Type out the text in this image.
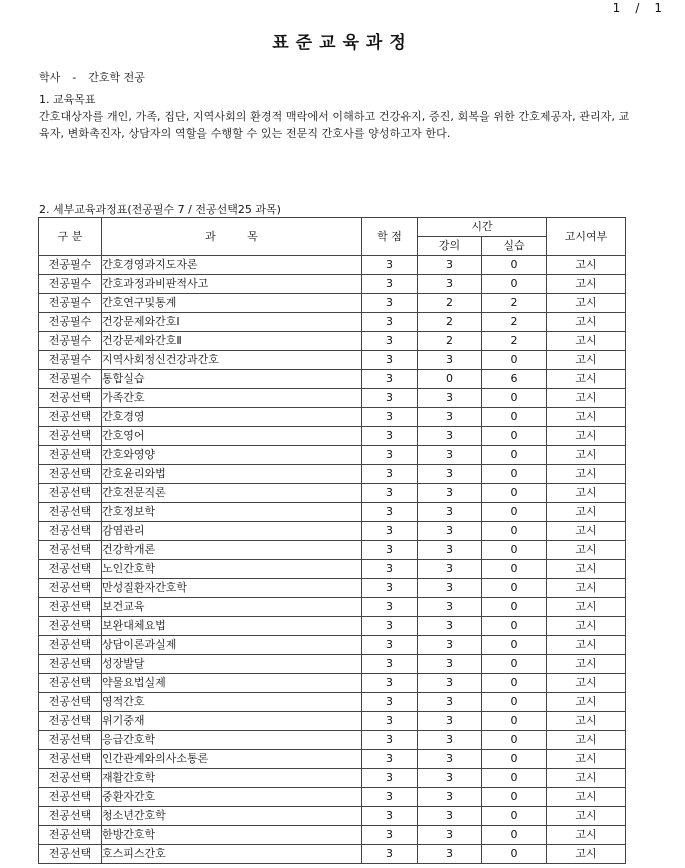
1 / 1
표준교육과정
학사 - 간호학 전공
1. 교육목표
간호대상자를 개인, 가족, 집단, 지역사회의 환경적 맥락에서 이해하고 건강유지, 증진, 회복을 위한 간호제공자, 관리자, 교육자, 변화촉진자, 상담자의 역할을 수행할 수 있는 전문직 간호사를 양성하고자 한다.
2. 세부교육과정표(전공필수 7 / 전공선택25 과목)
구 분	과         목	학 점	시간		고시여부
			강의	실습	
전공필수	간호경영과지도자론	3	3	0	고시
전공필수	간호과정과비판적사고	3	3	0	고시
전공필수	간호연구및통계	3	2	2	고시
전공필수	건강문제와간호Ⅰ	3	2	2	고시
전공필수	건강문제와간호Ⅱ	3	2	2	고시
전공필수	지역사회정신건강과간호	3	3	0	고시
전공필수	통합실습	3	0	6	고시
전공선택	가족간호	3	3	0	고시
전공선택	간호경영	3	3	0	고시
전공선택	간호영어	3	3	0	고시
전공선택	간호와영양	3	3	0	고시
전공선택	간호윤리와법	3	3	0	고시
전공선택	간호전문직론	3	3	0	고시
전공선택	간호정보학	3	3	0	고시
전공선택	감염관리	3	3	0	고시
전공선택	건강학개론	3	3	0	고시
전공선택	노인간호학	3	3	0	고시
전공선택	만성질환자간호학	3	3	0	고시
전공선택	보건교육	3	3	0	고시
전공선택	보완대체요법	3	3	0	고시
전공선택	상담이론과실제	3	3	0	고시
전공선택	성장발달	3	3	0	고시
전공선택	약물요법실제	3	3	0	고시
전공선택	영적간호	3	3	0	고시
전공선택	위기중재	3	3	0	고시
전공선택	응급간호학	3	3	0	고시
전공선택	인간관계와의사소통론	3	3	0	고시
전공선택	재활간호학	3	3	0	고시
전공선택	중환자간호	3	3	0	고시
전공선택	청소년간호학	3	3	0	고시
전공선택	한방간호학	3	3	0	고시
전공선택	호스피스간호	3	3	0	고시
